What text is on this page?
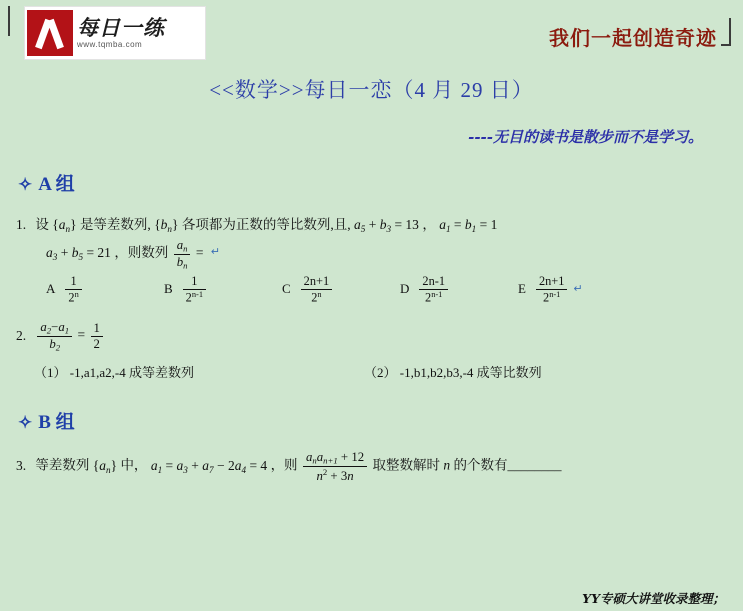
每日一练
www.tqmba.com	我们一起创造奇迹
<<数学>>每日一恋（4 月 29 日）
----无目的读书是散步而不是学习。
✧ A 组
1. 设 $\{a_n\}$ 是等差数列, $\{b_n\}$ 各项都为正数的等比数列,且, $a_5 + b_3 = 13$ ， $a_1 = b_1 = 1$
$a_3 + b_5 = 21$ ，则数列 $\frac{a_n}{b_n}$ = ↵
A $\frac{1}{2^n}$	B $\frac{1}{2^{n-1}}$	C $\frac{2n+1}{2^n}$	D $\frac{2n-1}{2^{n-1}}$	E $\frac{2n+1}{2^{n-1}}$ ↵
2. $\frac{a_2-a_1}{b_2} = \frac{1}{2}$
（1） -1,a1,a2,-4 成等差数列	（2） -1,b1,b2,b3,-4 成等比数列
✧ B 组
3. 等差数列 $\{a_n\}$ 中， $a_1 = a_3 + a_7 - 2a_4 = 4$ ，则 $\frac{a_na_{n+1} + 12}{n^2 + 3n}$ 取整数解时 n 的个数有________
YY专硕大讲堂收录整理；
